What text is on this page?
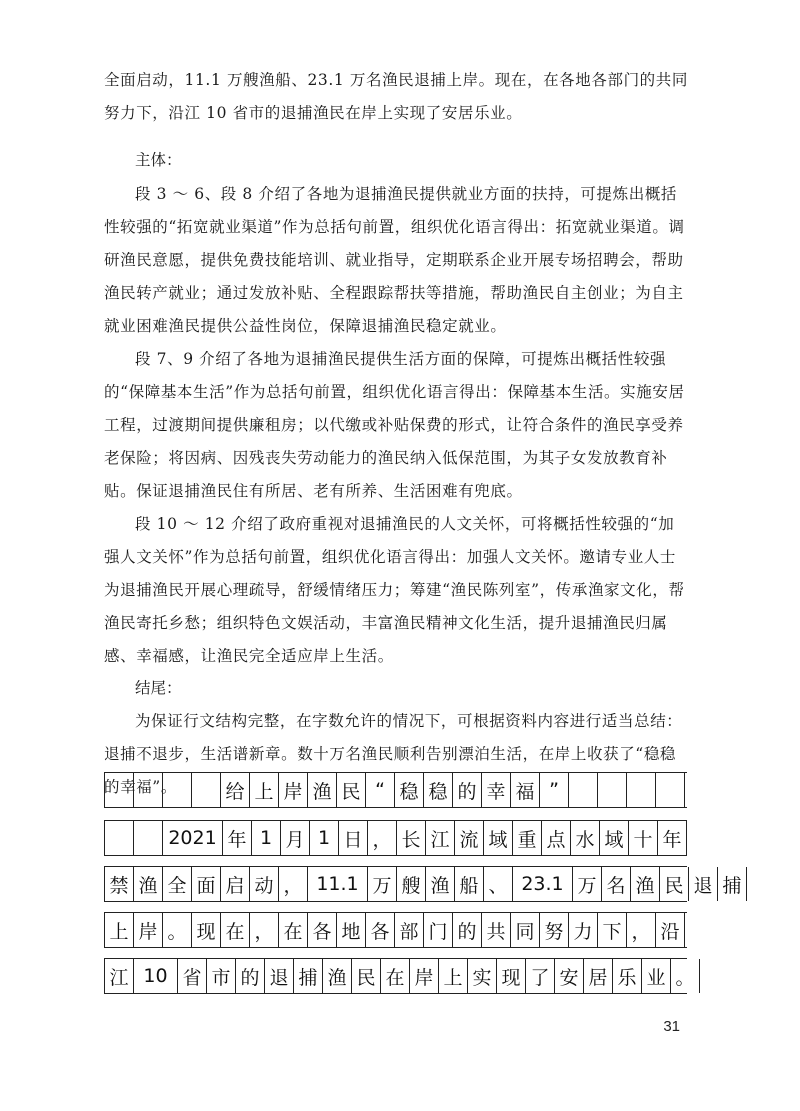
全面启动，11.1 万艘渔船、23.1 万名渔民退捕上岸。现在，在各地各部门的共同努力下，沿江 10 省市的退捕渔民在岸上实现了安居乐业。

主体：

段 3 ～ 6、段 8 介绍了各地为退捕渔民提供就业方面的扶持，可提炼出概括性较强的“拓宽就业渠道”作为总括句前置，组织优化语言得出：拓宽就业渠道。调研渔民意愿，提供免费技能培训、就业指导，定期联系企业开展专场招聘会，帮助渔民转产就业；通过发放补贴、全程跟踪帮扶等措施，帮助渔民自主创业；为自主就业困难渔民提供公益性岗位，保障退捕渔民稳定就业。

段 7、9 介绍了各地为退捕渔民提供生活方面的保障，可提炼出概括性较强的“保障基本生活”作为总括句前置，组织优化语言得出：保障基本生活。实施安居工程，过渡期间提供廉租房；以代缴或补贴保费的形式，让符合条件的渔民享受养老保险；将因病、因残丧失劳动能力的渔民纳入低保范围，为其子女发放教育补贴。保证退捕渔民住有所居、老有所养、生活困难有兜底。

段 10 ～ 12 介绍了政府重视对退捕渔民的人文关怀，可将概括性较强的“加强人文关怀”作为总括句前置，组织优化语言得出：加强人文关怀。邀请专业人士为退捕渔民开展心理疏导，舒缓情绪压力；筹建“渔民陈列室”，传承渔家文化，帮渔民寄托乡愁；组织特色文娱活动，丰富渔民精神文化生活，提升退捕渔民归属感、幸福感，让渔民完全适应岸上生活。

结尾：

为保证行文结构完整，在字数允许的情况下，可根据资料内容进行适当总结：退捕不退步，生活谱新章。数十万名渔民顺利告别漂泊生活，在岸上收获了“稳稳的幸福”。	给 上 岸 渔 民 “ 稳 稳 的 幸 福 ”
2021 年 1 月 1 日 ， 长 江 流 域 重 点 水 域 十 年
禁 渔 全 面 启 动 ， 11.1 万 艘 渔 船 、 23.1 万 名 渔 民 退 捕
上 岸 。 现 在 ， 在 各 地 各 部 门 的 共 同 努 力 下 ， 沿
江 10 省 市 的 退 捕 渔 民 在 岸 上 实 现 了 安 居 乐 业 。
31
